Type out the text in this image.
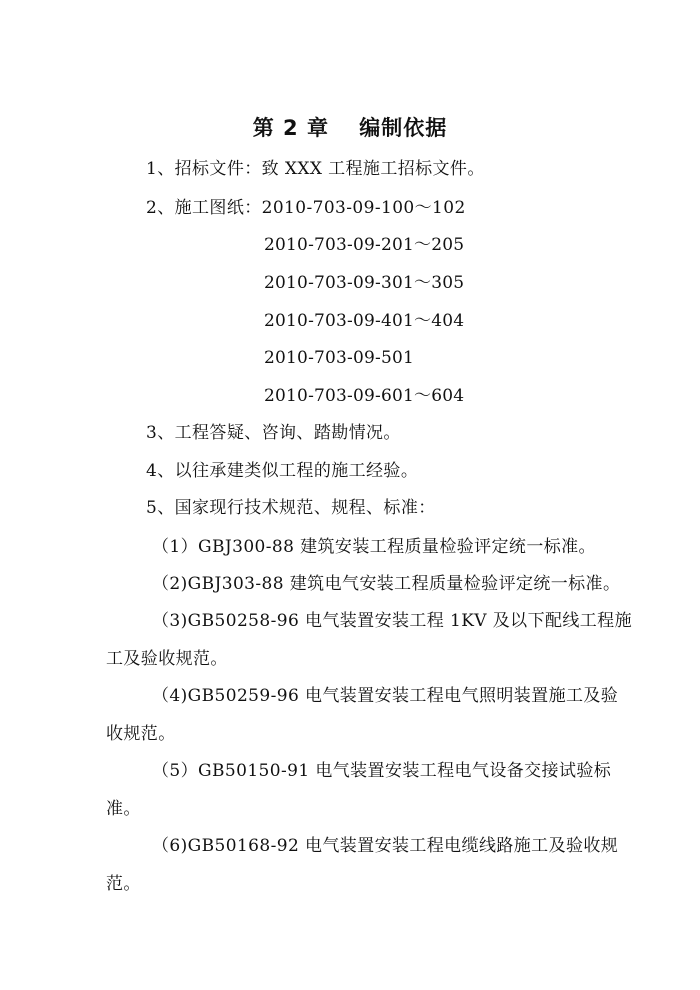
第 2 章　 编制依据
1、招标文件：致 XXX 工程施工招标文件。
2、施工图纸：2010-703-09-100～102
2010-703-09-201～205
2010-703-09-301～305
2010-703-09-401～404
2010-703-09-501
2010-703-09-601～604
3、工程答疑、咨询、踏勘情况。
4、以往承建类似工程的施工经验。
5、国家现行技术规范、规程、标准：
（1）GBJ300-88 建筑安装工程质量检验评定统一标准。
（2)GBJ303-88 建筑电气安装工程质量检验评定统一标准。
（3)GB50258-96 电气装置安装工程 1KV 及以下配线工程施
工及验收规范。
（4)GB50259-96 电气装置安装工程电气照明装置施工及验
收规范。
（5）GB50150-91 电气装置安装工程电气设备交接试验标
准。
（6)GB50168-92 电气装置安装工程电缆线路施工及验收规
范。
